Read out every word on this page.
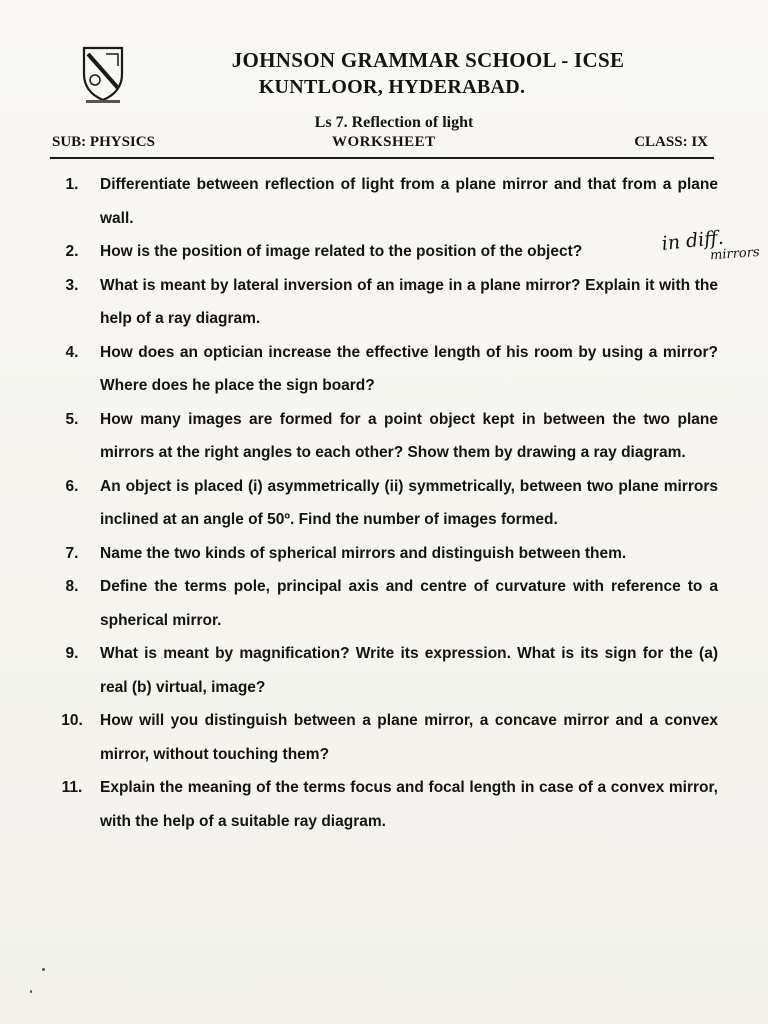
JOHNSON GRAMMAR SCHOOL - ICSE
KUNTLOOR, HYDERABAD.
Ls 7. Reflection of light
SUB: PHYSICS	WORKSHEET	CLASS: IX
1.	Differentiate between reflection of light from a plane mirror and that from a plane wall.
2.	How is the position of image related to the position of the object?
3.	What is meant by lateral inversion of an image in a plane mirror? Explain it with the help of a ray diagram.
4.	How does an optician increase the effective length of his room by using a mirror? Where does he place the sign board?
5.	How many images are formed for a point object kept in between the two plane mirrors at the right angles to each other? Show them by drawing a ray diagram.
6.	An object is placed (i) asymmetrically (ii) symmetrically, between two plane mirrors inclined at an angle of 50º. Find the number of images formed.
7.	Name the two kinds of spherical mirrors and distinguish between them.
8.	Define the terms pole, principal axis and centre of curvature with reference to a spherical mirror.
9.	What is meant by magnification? Write its expression. What is its sign for the (a) real (b) virtual, image?
10.	How will you distinguish between a plane mirror, a concave mirror and a convex mirror, without touching them?
11.	Explain the meaning of the terms focus and focal length in case of a convex mirror, with the help of a suitable ray diagram.
in diff.
mirrors
